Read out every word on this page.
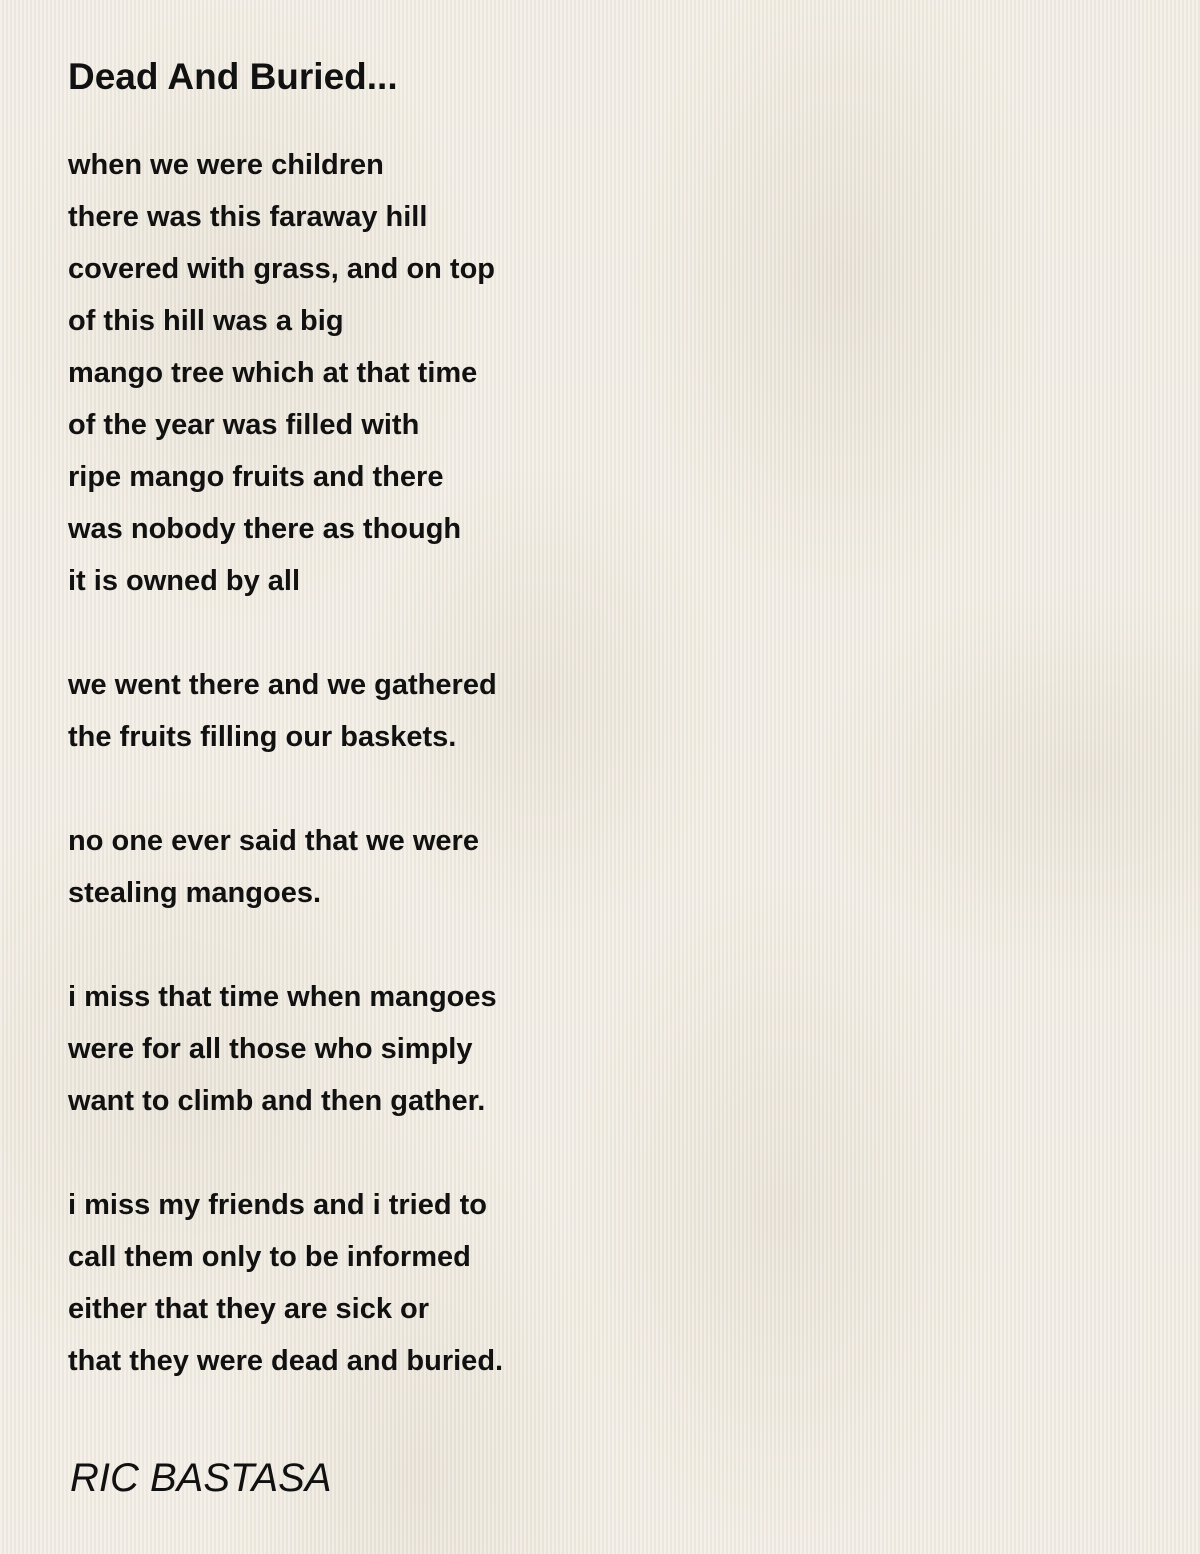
Dead And Buried...
when we were children
there was this faraway hill
covered with grass, and on top
of this hill was a big
mango tree which at that time
of the year was filled with
ripe mango fruits and there
was nobody there as though
it is owned by all
we went there and we gathered
the fruits filling our baskets.
no one ever said that we were
stealing mangoes.
i miss that time when mangoes
were for all those who simply
want to climb and then gather.
i miss my friends and i tried to
call them only to be informed
either that they are sick or
that they were dead and buried.
RIC BASTASA
